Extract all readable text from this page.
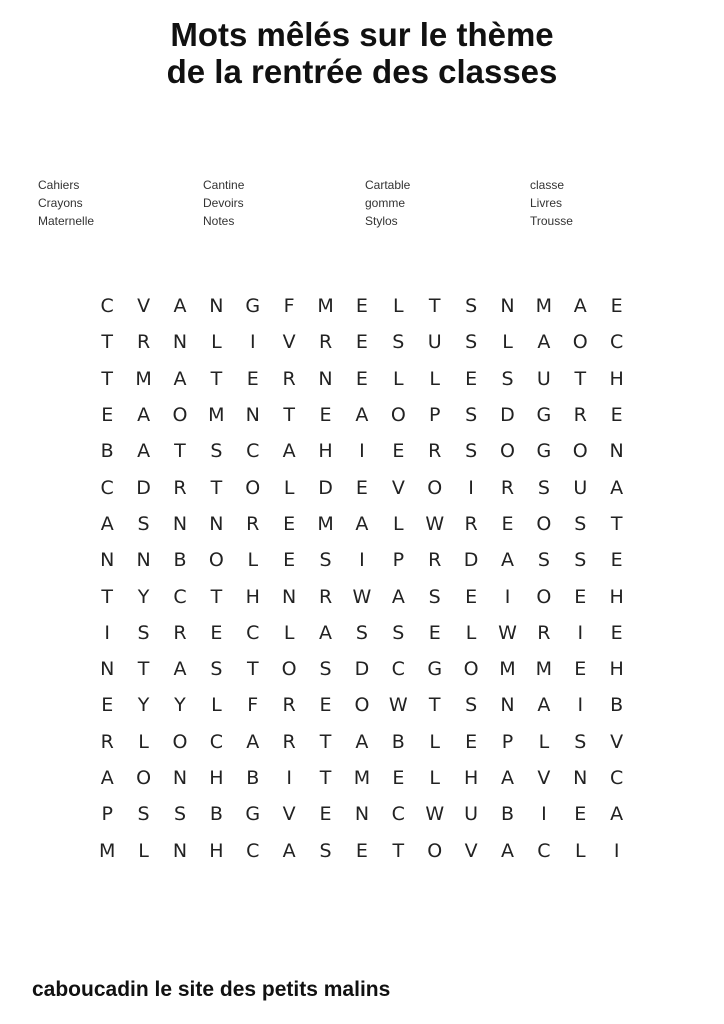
Mots mêlés sur le thème
de la rentrée des classes
Cahiers	Cantine	Cartable	classe
Crayons	Devoirs	gomme	Livres
Maternelle	Notes	Stylos	Trousse
C	V	A	N	G	F	M	E	L	T	S	N	M	A	E
T	R	N	L	I	V	R	E	S	U	S	L	A	O	C
T	M	A	T	E	R	N	E	L	L	E	S	U	T	H
E	A	O	M	N	T	E	A	O	P	S	D	G	R	E
B	A	T	S	C	A	H	I	E	R	S	O	G	O	N
C	D	R	T	O	L	D	E	V	O	I	R	S	U	A
A	S	N	N	R	E	M	A	L	W	R	E	O	S	T
N	N	B	O	L	E	S	I	P	R	D	A	S	S	E
T	Y	C	T	H	N	R	W	A	S	E	I	O	E	H
I	S	R	E	C	L	A	S	S	E	L	W	R	I	E
N	T	A	S	T	O	S	D	C	G	O	M	M	E	H
E	Y	Y	L	F	R	E	O	W	T	S	N	A	I	B
R	L	O	C	A	R	T	A	B	L	E	P	L	S	V
A	O	N	H	B	I	T	M	E	L	H	A	V	N	C
P	S	S	B	G	V	E	N	C	W	U	B	I	E	A
M	L	N	H	C	A	S	E	T	O	V	A	C	L	I
caboucadin le site des petits malins
